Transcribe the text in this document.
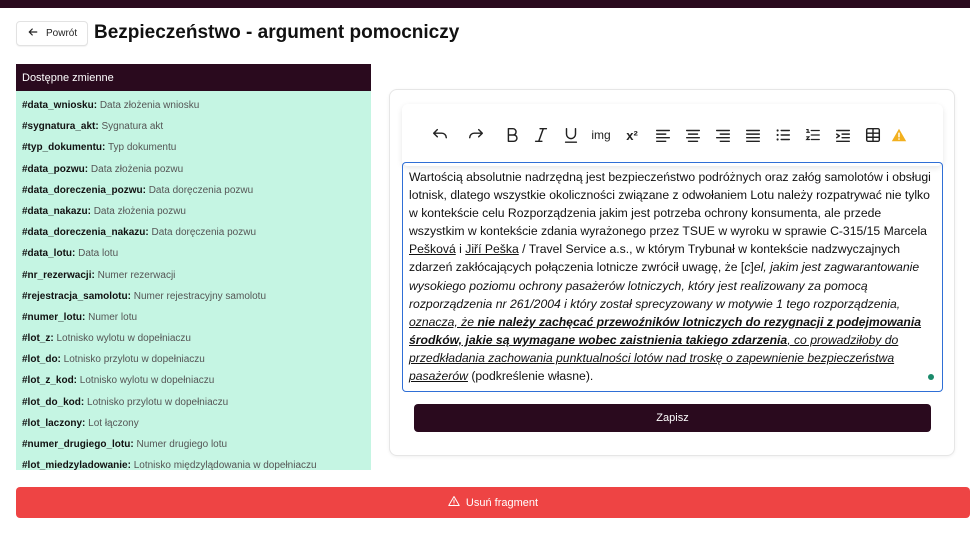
Powrót Bezpieczeństwo - argument pomocniczy
Dostępne zmienne
#data_wniosku: Data złożenia wniosku
#sygnatura_akt: Sygnatura akt
#typ_dokumentu: Typ dokumentu
#data_pozwu: Data złożenia pozwu
#data_doreczenia_pozwu: Data doręczenia pozwu
#data_nakazu: Data złożenia pozwu
#data_doreczenia_nakazu: Data doręczenia pozwu
#data_lotu: Data lotu
#nr_rezerwacji: Numer rezerwacji
#rejestracja_samolotu: Numer rejestracyjny samolotu
#numer_lotu: Numer lotu
#lot_z: Lotnisko wylotu w dopełniaczu
#lot_do: Lotnisko przylotu w dopełniaczu
#lot_z_kod: Lotnisko wylotu w dopełniaczu
#lot_do_kod: Lotnisko przylotu w dopełniaczu
#lot_laczony: Lot łączony
#numer_drugiego_lotu: Numer drugiego lotu
#lot_miedzyladowanie: Lotnisko międzylądowania w dopełniaczu
img	x²
Wartością absolutnie nadrzędną jest bezpieczeństwo podróżnych oraz załóg samolotów i obsługi lotnisk, dlatego wszystkie okoliczności związane z odwołaniem Lotu należy rozpatrywać nie tylko w kontekście celu Rozporządzenia jakim jest potrzeba ochrony konsumenta, ale przede wszystkim w kontekście zdania wyrażonego przez TSUE w wyroku w sprawie C-315/15 Marcela Pešková i Jiří Peška / Travel Service a.s., w którym Trybunał w kontekście nadzwyczajnych zdarzeń zakłócających połączenia lotnicze zwrócił uwagę, że [c]el, jakim jest zagwarantowanie wysokiego poziomu ochrony pasażerów lotniczych, który jest realizowany za pomocą rozporządzenia nr 261/2004 i który został sprecyzowany w motywie 1 tego rozporządzenia, oznacza, że nie należy zachęcać przewoźników lotniczych do rezygnacji z podejmowania środków, jakie są wymagane wobec zaistnienia takiego zdarzenia, co prowadziłoby do przedkładania zachowania punktualności lotów nad troskę o zapewnienie bezpieczeństwa pasażerów (podkreślenie własne).
Zapisz
Usuń fragment
